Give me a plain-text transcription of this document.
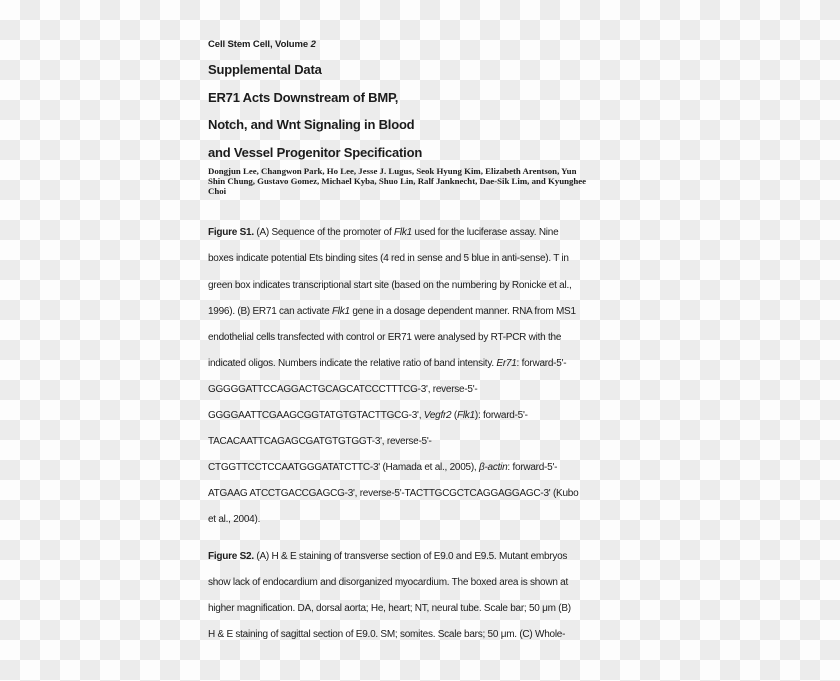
Cell Stem Cell, Volume 2
Supplemental Data
ER71 Acts Downstream of BMP,
Notch, and Wnt Signaling in Blood
and Vessel Progenitor Specification
Dongjun Lee, Changwon Park, Ho Lee, Jesse J. Lugus, Seok Hyung Kim, Elizabeth Arentson, Yun
Shin Chung, Gustavo Gomez, Michael Kyba, Shuo Lin, Ralf Janknecht, Dae-Sik Lim, and Kyunghee
Choi
Figure S1. (A) Sequence of the promoter of Flk1 used for the luciferase assay. Nine
boxes indicate potential Ets binding sites (4 red in sense and 5 blue in anti-sense). T in
green box indicates transcriptional start site (based on the numbering by Ronicke et al.,
1996). (B) ER71 can activate Flk1 gene in a dosage dependent manner. RNA from MS1
endothelial cells transfected with control or ER71 were analysed by RT-PCR with the
indicated oligos. Numbers indicate the relative ratio of band intensity. Er71: forward-5'-
GGGGGATTCCAGGACTGCAGCATCCCTTTCG-3', reverse-5'-
GGGGAATTCGAAGCGGTATGTGTACTTGCG-3', Vegfr2 (Flk1): forward-5'-
TACACAATTCAGAGCGATGTGTGGT-3', reverse-5'-
CTGGTTCCTCCAATGGGATATCTTC-3' (Hamada et al., 2005), β-actin: forward-5'-
ATGAAG ATCCTGACCGAGCG-3', reverse-5'-TACTTGCGCTCAGGAGGAGC-3' (Kubo
et al., 2004).
Figure S2. (A) H & E staining of transverse section of E9.0 and E9.5. Mutant embryos
show lack of endocardium and disorganized myocardium. The boxed area is shown at
higher magnification. DA, dorsal aorta; He, heart; NT, neural tube. Scale bar; 50 μm (B)
H & E staining of sagittal section of E9.0. SM; somites. Scale bars; 50 μm. (C) Whole-
